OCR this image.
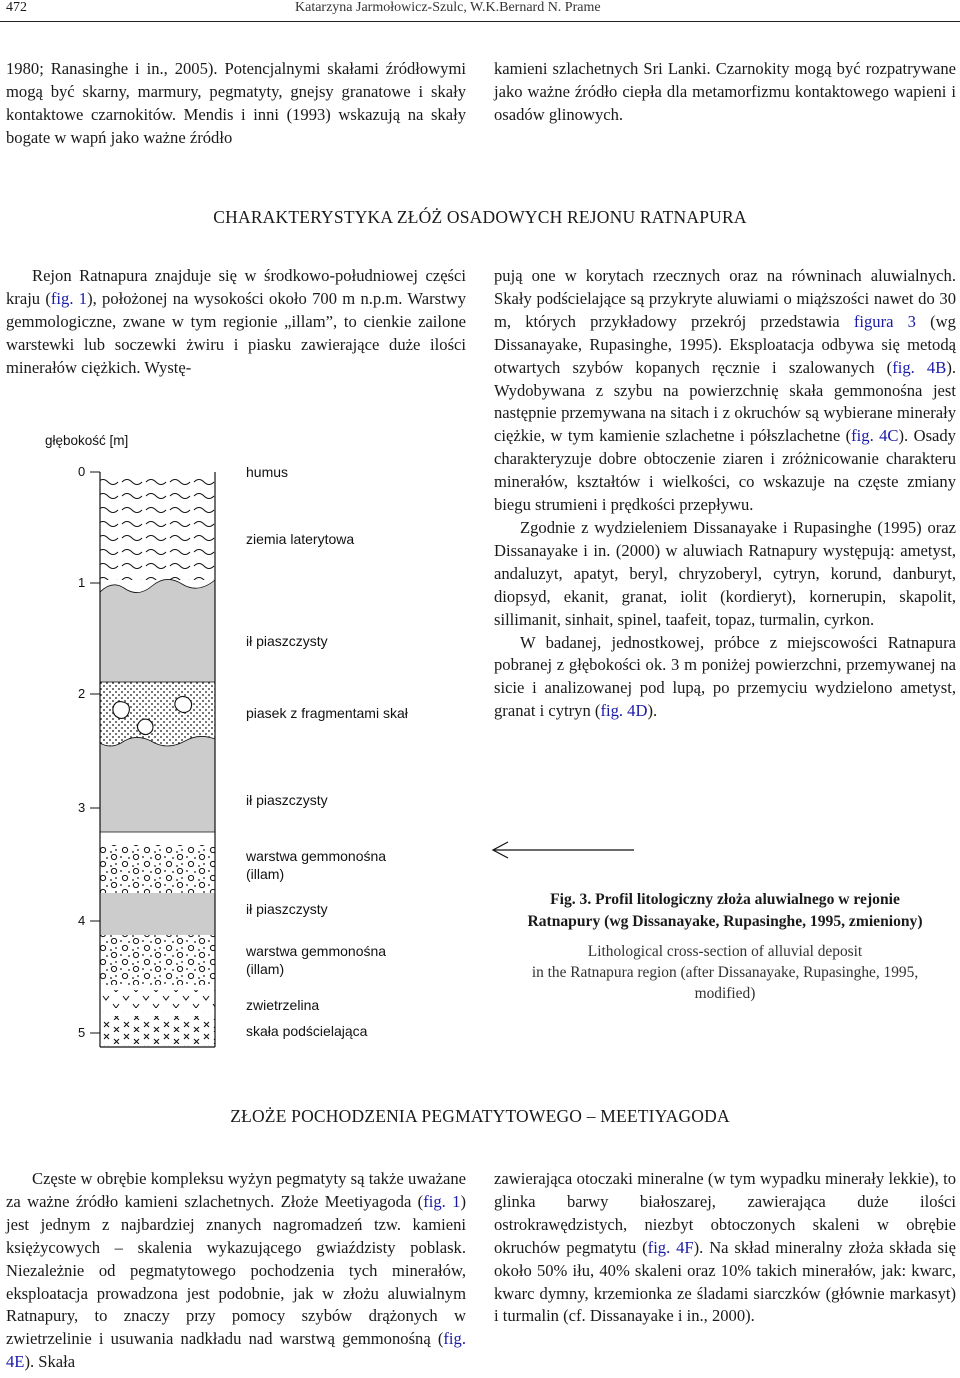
472	Katarzyna Jarmołowicz-Szulc, W.K.Bernard N. Prame

1980; Ranasinghe i in., 2005). Potencjalnymi skałami źródłowymi mogą być skarny, marmury, pegmatyty, gnejsy granatowe i skały kontaktowe czarnokitów. Mendis i inni (1993) wskazują na skały bogate w wapń jako ważne źródło

kamieni szlachetnych Sri Lanki. Czarnokity mogą być rozpatrywane jako ważne źródło ciepła dla metamorfizmu kontaktowego wapieni i osadów glinowych.

CHARAKTERYSTYKA ZŁÓŻ OSADOWYCH REJONU RATNAPURA

Rejon Ratnapura znajduje się w środkowo-południowej części kraju (fig. 1), położonej na wysokości około 700 m n.p.m. Warstwy gemmologiczne, zwane w tym regionie „illam”, to cienkie zailone warstewki lub soczewki żwiru i piasku zawierające duże ilości minerałów ciężkich. Wystę-

pują one w korytach rzecznych oraz na równinach aluwialnych. Skały podścielające są przykryte aluwiami o miąższości nawet do 30 m, których przykładowy przekrój przedstawia figura 3 (wg Dissanayake, Rupasinghe, 1995). Eksploatacja odbywa się metodą otwartych szybów kopanych ręcznie i szalowanych (fig. 4B). Wydobywana z szybu na powierzchnię skała gemmonośna jest następnie przemywana na sitach i z okruchów są wybierane minerały ciężkie, w tym kamienie szlachetne i półszlachetne (fig. 4C). Osady charakteryzuje dobre obtoczenie ziaren i zróżnicowanie charakteru minerałów, kształtów i wielkości, co wskazuje na częste zmiany biegu strumieni i prędkości przepływu.

Zgodnie z wydzieleniem Dissanayake i Rupasinghe (1995) oraz Dissanayake i in. (2000) w aluwiach Ratnapury występują: ametyst, andaluzyt, apatyt, beryl, chryzoberyl, cytryn, korund, danburyt, diopsyd, ekanit, granat, iolit (kordieryt), kornerupin, skapolit, sillimanit, sinhait, spinel, taafeit, topaz, turmalin, cyrkon.

W badanej, jednostkowej, próbce z miejscowości Ratnapura pobranej z głębokości ok. 3 m poniżej powierzchni, przemywanej na sicie i analizowanej pod lupą, po przemyciu wydzielono ametyst, granat i cytryn (fig. 4D).

głębokość [m]
0
1
2
3
4
5
humus
ziemia laterytowa
ił piaszczysty
piasek z fragmentami skał
ił piaszczysty
warstwa gemmonośna
(illam)
ił piaszczysty
warstwa gemmonośna
(illam)
zwietrzelina
skała podścielająca
Fig. 3. Profil litologiczny złoża aluwialnego w rejonie Ratnapury (wg Dissanayake, Rupasinghe, 1995, zmieniony)
Lithological cross-section of alluvial deposit
in the Ratnapura region (after Dissanayake, Rupasinghe, 1995,
modified)
ZŁOŻE POCHODZENIA PEGMATYTOWEGO – MEETIYAGODA

Częste w obrębie kompleksu wyżyn pegmatyty są także uważane za ważne źródło kamieni szlachetnych. Złoże Meetiyagoda (fig. 1) jest jednym z najbardziej znanych nagromadzeń tzw. kamieni księżycowych – skalenia wykazującego gwiaździsty poblask. Niezależnie od pegmatytowego pochodzenia tych minerałów, eksploatacja prowadzona jest podobnie, jak w złożu aluwialnym Ratnapury, to znaczy przy pomocy szybów drążonych w zwietrzelinie i usuwania nadkładu nad warstwą gemmonośną (fig. 4E). Skała

zawierająca otoczaki mineralne (w tym wypadku minerały lekkie), to glinka barwy białoszarej, zawierająca duże ilości ostrokrawędzistych, niezbyt obtoczonych skaleni w obrębie okruchów pegmatytu (fig. 4F). Na skład mineralny złoża składa się około 50% iłu, 40% skaleni oraz 10% takich minerałów, jak: kwarc, kwarc dymny, krzemionka ze śladami siarczków (głównie markasyt) i turmalin (cf. Dissanayake i in., 2000).
